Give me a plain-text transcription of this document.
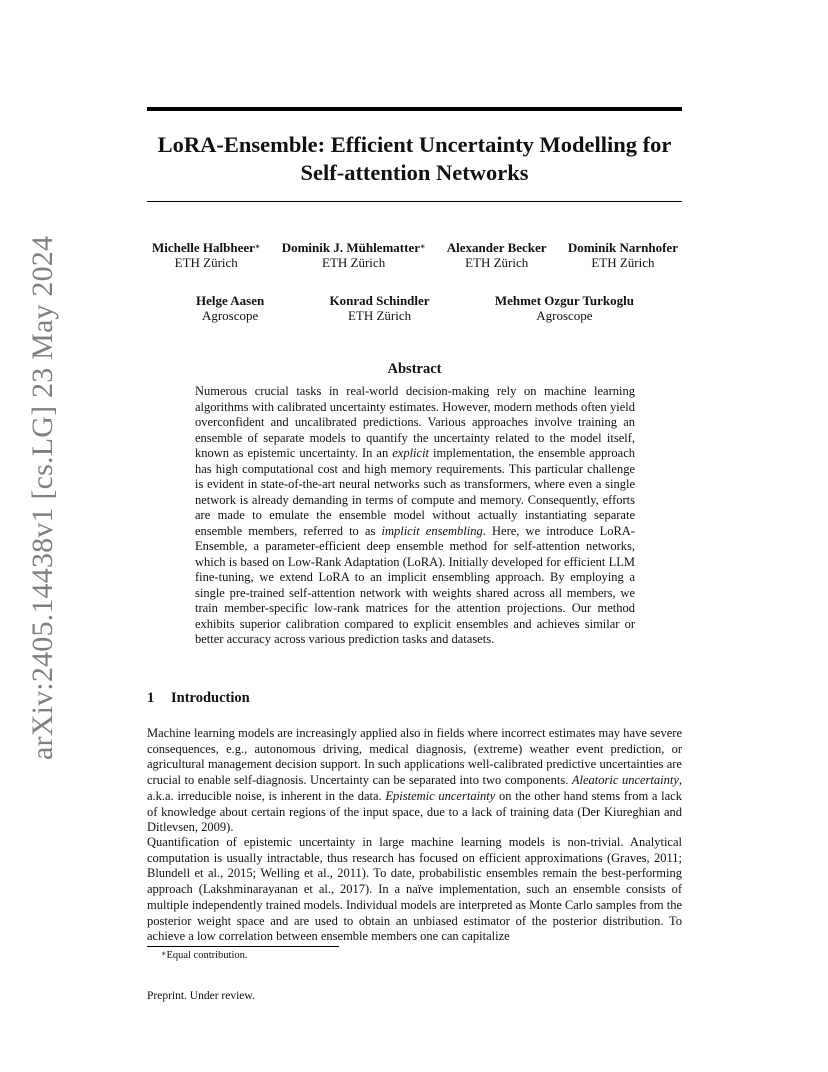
arXiv:2405.14438v1 [cs.LG] 23 May 2024
LoRA-Ensemble: Efficient Uncertainty Modelling for
Self-attention Networks
Michelle Halbheer∗
ETH Zürich
Dominik J. Mühlematter∗
ETH Zürich
Alexander Becker
ETH Zürich
Dominik Narnhofer
ETH Zürich
Helge Aasen
Agroscope
Konrad Schindler
ETH Zürich
Mehmet Ozgur Turkoglu
Agroscope
Abstract

Numerous crucial tasks in real-world decision-making rely on machine learning algorithms with calibrated uncertainty estimates. However, modern methods often yield overconfident and uncalibrated predictions. Various approaches involve training an ensemble of separate models to quantify the uncertainty related to the model itself, known as epistemic uncertainty. In an explicit implementation, the ensemble approach has high computational cost and high memory requirements. This particular challenge is evident in state-of-the-art neural networks such as transformers, where even a single network is already demanding in terms of compute and memory. Consequently, efforts are made to emulate the ensemble model without actually instantiating separate ensemble members, referred to as implicit ensembling. Here, we introduce LoRA-Ensemble, a parameter-efficient deep ensemble method for self-attention networks, which is based on Low-Rank Adaptation (LoRA). Initially developed for efficient LLM fine-tuning, we extend LoRA to an implicit ensembling approach. By employing a single pre-trained self-attention network with weights shared across all members, we train member-specific low-rank matrices for the attention projections. Our method exhibits superior calibration compared to explicit ensembles and achieves similar or better accuracy across various prediction tasks and datasets.

1 Introduction

Machine learning models are increasingly applied also in fields where incorrect estimates may have severe consequences, e.g., autonomous driving, medical diagnosis, (extreme) weather event prediction, or agricultural management decision support. In such applications well-calibrated predictive uncertainties are crucial to enable self-diagnosis. Uncertainty can be separated into two components. Aleatoric uncertainty, a.k.a. irreducible noise, is inherent in the data. Epistemic uncertainty on the other hand stems from a lack of knowledge about certain regions of the input space, due to a lack of training data (Der Kiureghian and Ditlevsen, 2009).

Quantification of epistemic uncertainty in large machine learning models is non-trivial. Analytical computation is usually intractable, thus research has focused on efficient approximations (Graves, 2011; Blundell et al., 2015; Welling et al., 2011). To date, probabilistic ensembles remain the best-performing approach (Lakshminarayanan et al., 2017). In a naïve implementation, such an ensemble consists of multiple independently trained models. Individual models are interpreted as Monte Carlo samples from the posterior weight space and are used to obtain an unbiased estimator of the posterior distribution. To achieve a low correlation between ensemble members one can capitalize

∗Equal contribution.

Preprint. Under review.
